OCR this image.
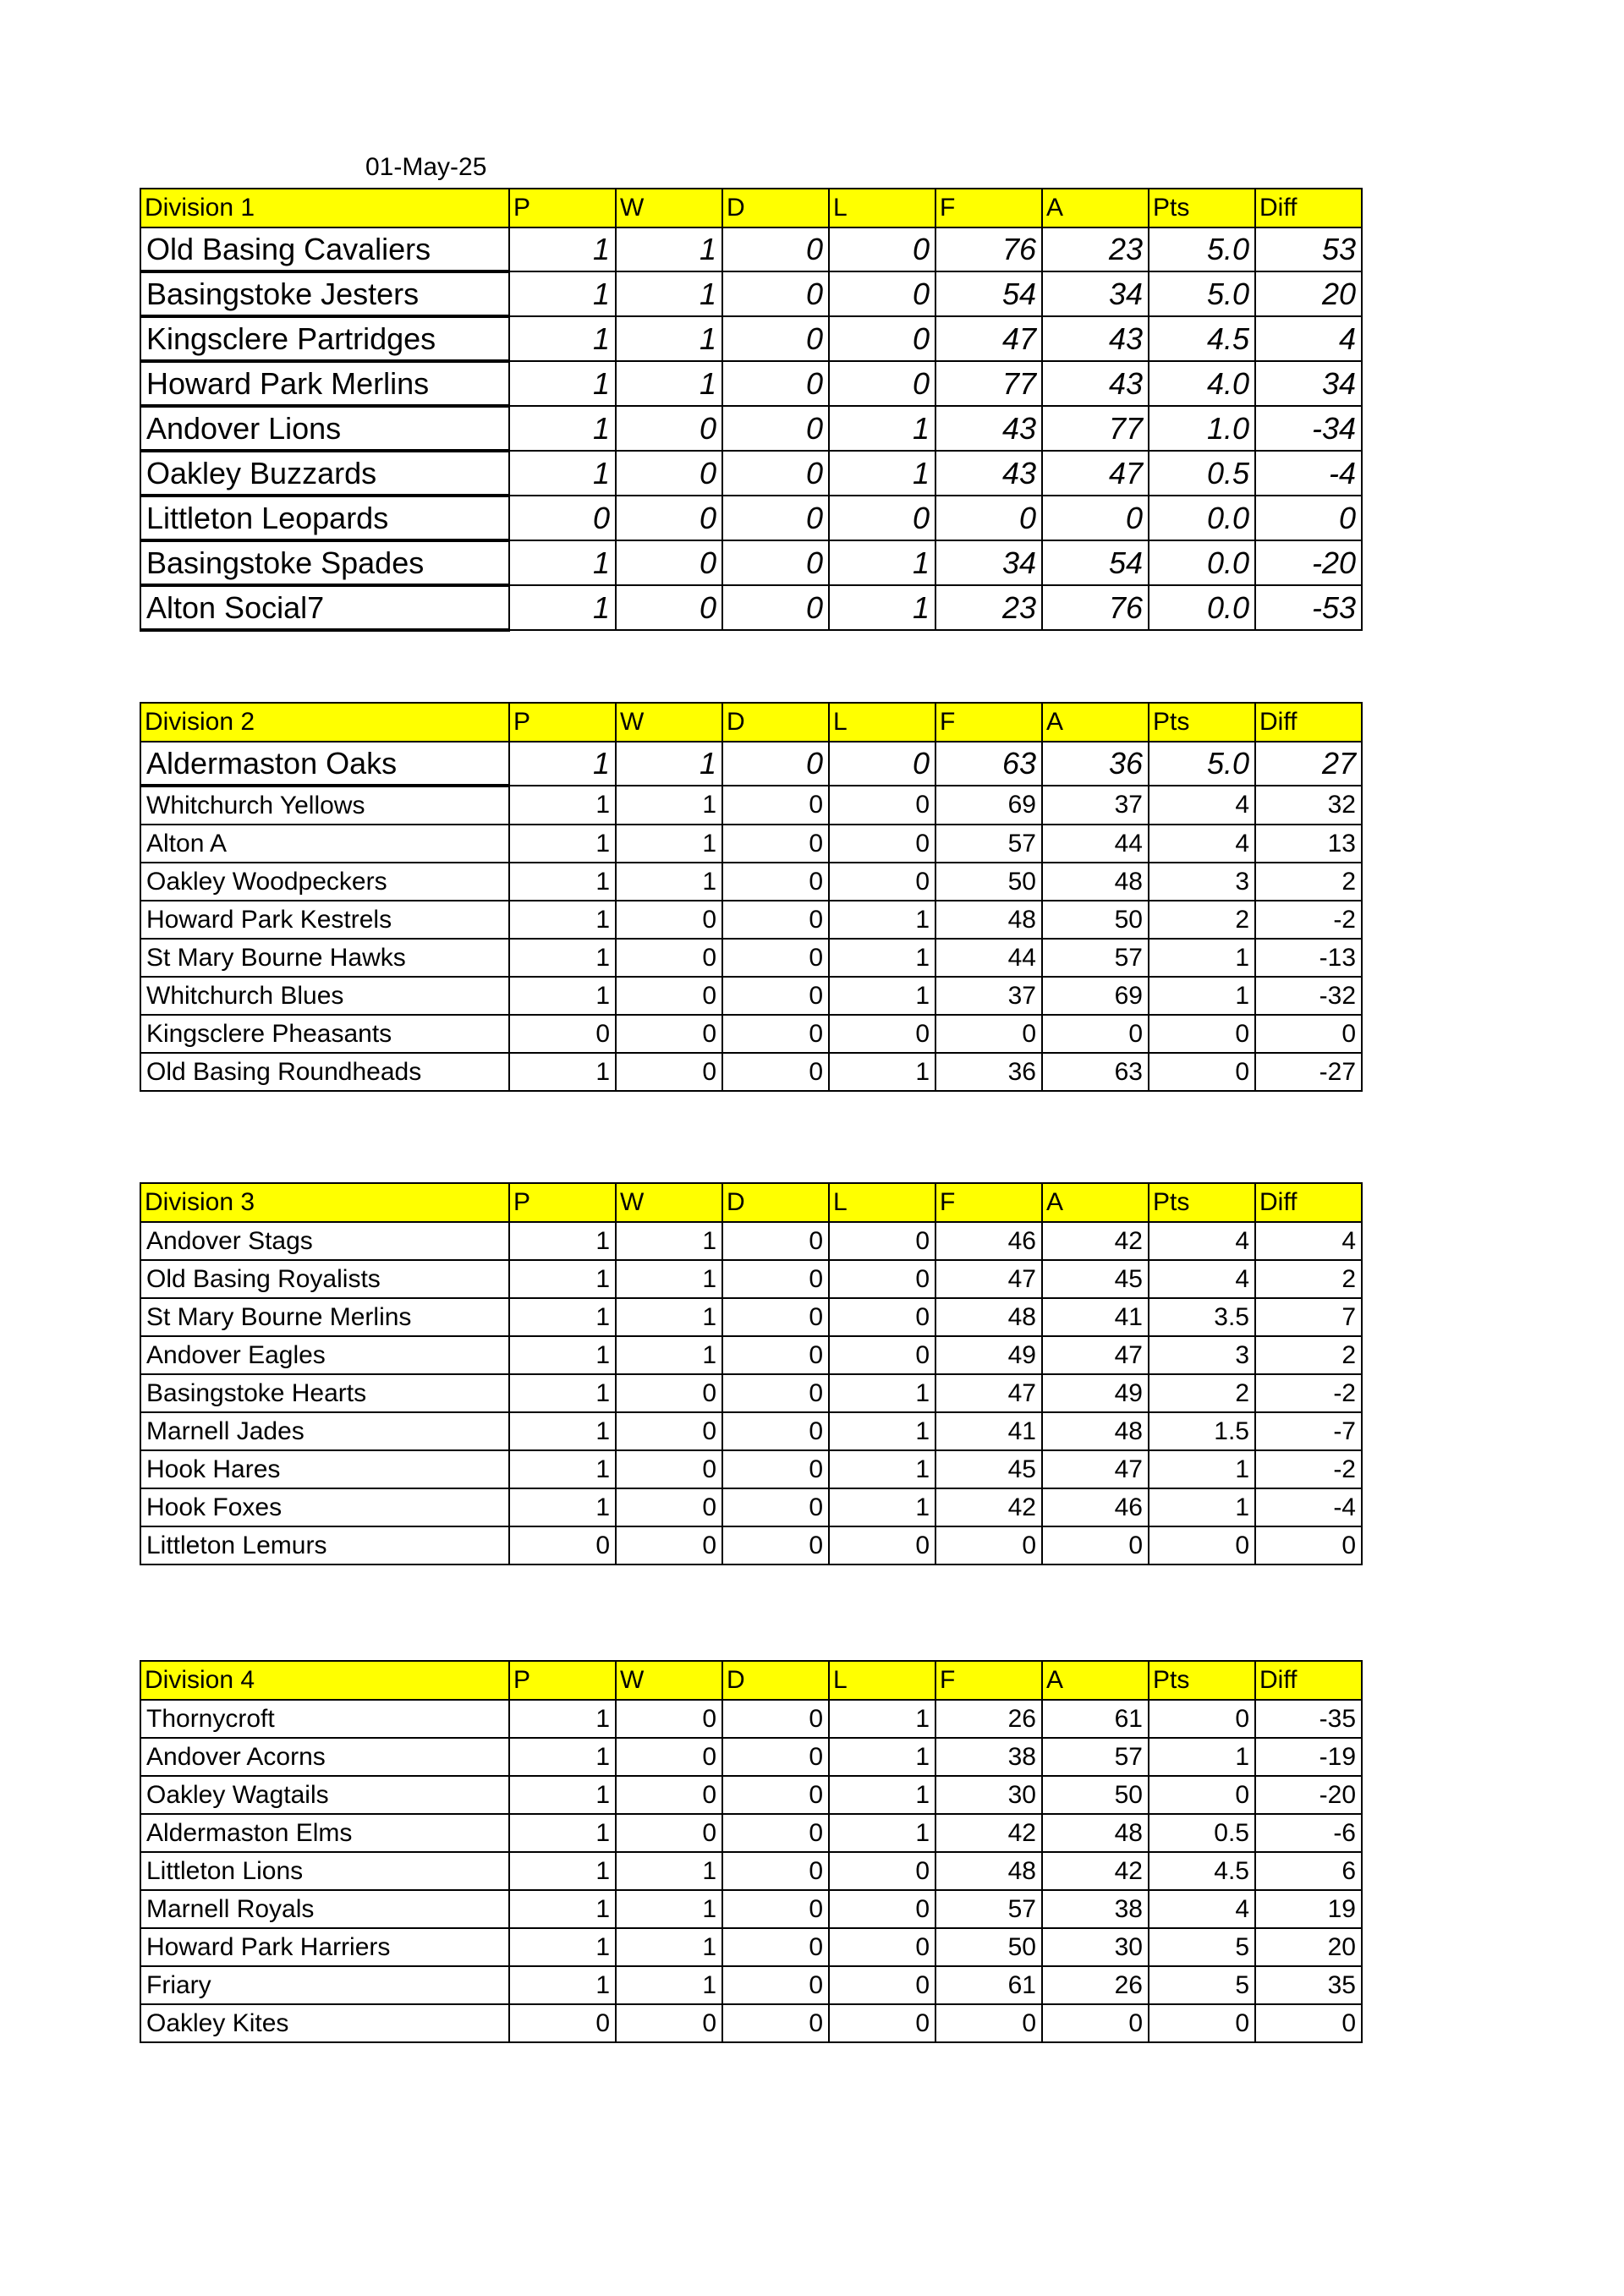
01-May-25
Division 1	P	W	D	L	F	A	Pts	Diff
Old Basing Cavaliers	1	1	0	0	76	23	5.0	53
Basingstoke Jesters	1	1	0	0	54	34	5.0	20
Kingsclere Partridges	1	1	0	0	47	43	4.5	4
Howard Park Merlins	1	1	0	0	77	43	4.0	34
Andover Lions	1	0	0	1	43	77	1.0	-34
Oakley Buzzards	1	0	0	1	43	47	0.5	-4
Littleton Leopards	0	0	0	0	0	0	0.0	0
Basingstoke Spades	1	0	0	1	34	54	0.0	-20
Alton Social7	1	0	0	1	23	76	0.0	-53
Division 2	P	W	D	L	F	A	Pts	Diff
Aldermaston Oaks	1	1	0	0	63	36	5.0	27
Whitchurch Yellows	1	1	0	0	69	37	4	32
Alton A	1	1	0	0	57	44	4	13
Oakley Woodpeckers	1	1	0	0	50	48	3	2
Howard Park Kestrels	1	0	0	1	48	50	2	-2
St Mary Bourne Hawks	1	0	0	1	44	57	1	-13
Whitchurch Blues	1	0	0	1	37	69	1	-32
Kingsclere Pheasants	0	0	0	0	0	0	0	0
Old Basing Roundheads	1	0	0	1	36	63	0	-27
Division 3	P	W	D	L	F	A	Pts	Diff
Andover Stags	1	1	0	0	46	42	4	4
Old Basing Royalists	1	1	0	0	47	45	4	2
St Mary Bourne Merlins	1	1	0	0	48	41	3.5	7
Andover Eagles	1	1	0	0	49	47	3	2
Basingstoke Hearts	1	0	0	1	47	49	2	-2
Marnell Jades	1	0	0	1	41	48	1.5	-7
Hook Hares	1	0	0	1	45	47	1	-2
Hook Foxes	1	0	0	1	42	46	1	-4
Littleton Lemurs	0	0	0	0	0	0	0	0
Division 4	P	W	D	L	F	A	Pts	Diff
Thornycroft	1	0	0	1	26	61	0	-35
Andover Acorns	1	0	0	1	38	57	1	-19
Oakley Wagtails	1	0	0	1	30	50	0	-20
Aldermaston Elms	1	0	0	1	42	48	0.5	-6
Littleton Lions	1	1	0	0	48	42	4.5	6
Marnell Royals	1	1	0	0	57	38	4	19
Howard Park Harriers	1	1	0	0	50	30	5	20
Friary	1	1	0	0	61	26	5	35
Oakley Kites	0	0	0	0	0	0	0	0
